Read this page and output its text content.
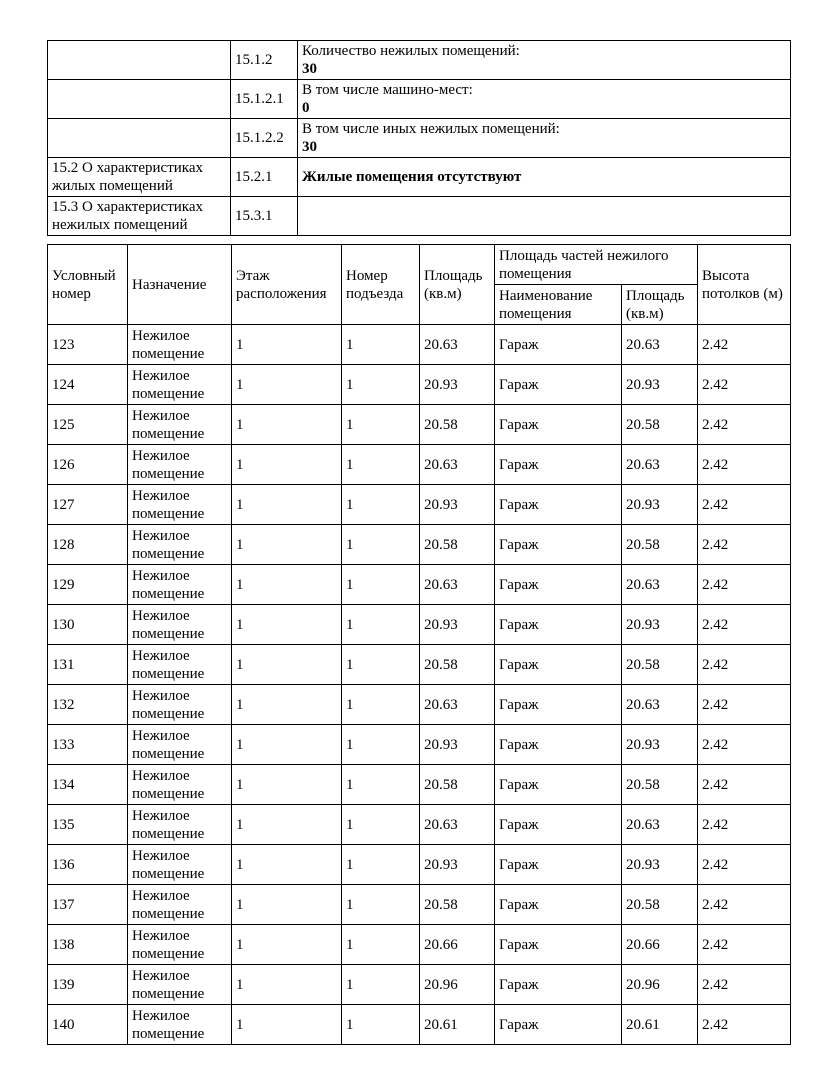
	15.1.2	Количество нежилых помещений:
30

	15.1.2.1	В том числе машино-мест:
0

	15.1.2.2	В том числе иных нежилых помещений:
30

15.2 О характеристиках жилых помещений	15.2.1	Жилые помещения отсутствуют

15.3 О характеристиках нежилых помещений	15.3.1	
Условный номер	Назначение	Этаж расположения	Номер подъезда	Площадь (кв.м)	Площадь частей нежилого помещения		Высота потолков (м)
					Наименование помещения	Площадь (кв.м)	
123	Нежилое помещение	1	1	20.63	Гараж	20.63	2.42
124	Нежилое помещение	1	1	20.93	Гараж	20.93	2.42
125	Нежилое помещение	1	1	20.58	Гараж	20.58	2.42
126	Нежилое помещение	1	1	20.63	Гараж	20.63	2.42
127	Нежилое помещение	1	1	20.93	Гараж	20.93	2.42
128	Нежилое помещение	1	1	20.58	Гараж	20.58	2.42
129	Нежилое помещение	1	1	20.63	Гараж	20.63	2.42
130	Нежилое помещение	1	1	20.93	Гараж	20.93	2.42
131	Нежилое помещение	1	1	20.58	Гараж	20.58	2.42
132	Нежилое помещение	1	1	20.63	Гараж	20.63	2.42
133	Нежилое помещение	1	1	20.93	Гараж	20.93	2.42
134	Нежилое помещение	1	1	20.58	Гараж	20.58	2.42
135	Нежилое помещение	1	1	20.63	Гараж	20.63	2.42
136	Нежилое помещение	1	1	20.93	Гараж	20.93	2.42
137	Нежилое помещение	1	1	20.58	Гараж	20.58	2.42
138	Нежилое помещение	1	1	20.66	Гараж	20.66	2.42
139	Нежилое помещение	1	1	20.96	Гараж	20.96	2.42
140	Нежилое помещение	1	1	20.61	Гараж	20.61	2.42
